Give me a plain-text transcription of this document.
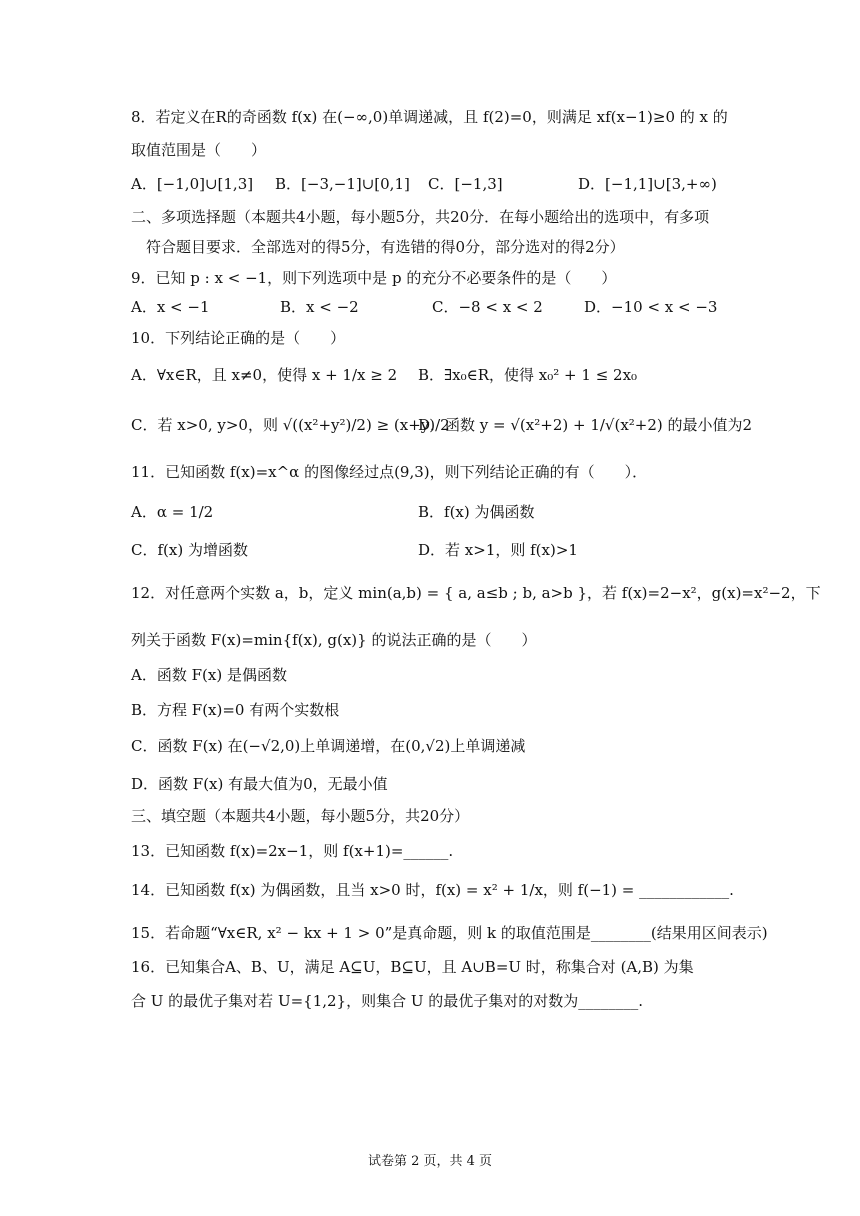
8．若定义在R的奇函数 f(x) 在(−∞,0)单调递减，且 f(2)=0，则满足 xf(x−1)≥0 的 x 的
取值范围是（　　）
A．[−1,0]∪[1,3] B．[−3,−1]∪[0,1] C．[−1,3]	D．[−1,1]∪[3,+∞)
二、多项选择题（本题共4小题，每小题5分，共20分．在每小题给出的选项中，有多项
符合题目要求．全部选对的得5分，有选错的得0分，部分选对的得2分）
9．已知 p : x < −1，则下列选项中是 p 的充分不必要条件的是（　　）
A．x < −1	B．x < −2	C．−8 < x < 2	D．−10 < x < −3
10．下列结论正确的是（　　）
A．∀x∈R，且 x≠0，使得 x + 1/x ≥ 2 B．∃x₀∈R，使得 x₀² + 1 ≤ 2x₀
C．若 x>0, y>0，则 √((x²+y²)/2) ≥ (x+y)/2
D．函数 y = √(x²+2) + 1/√(x²+2) 的最小值为2
11．已知函数 f(x)=x^α 的图像经过点(9,3)，则下列结论正确的有（　　）．
A．α = 1/2	B．f(x) 为偶函数
C．f(x) 为增函数	D．若 x>1，则 f(x)>1
12．对任意两个实数 a，b，定义 min(a,b) = { a, a≤b ; b, a>b }，若 f(x)=2−x²，g(x)=x²−2，下
列关于函数 F(x)=min{f(x), g(x)} 的说法正确的是（　　）
A．函数 F(x) 是偶函数
B．方程 F(x)=0 有两个实数根
C．函数 F(x) 在(−√2,0)上单调递增，在(0,√2)上单调递减
D．函数 F(x) 有最大值为0，无最小值
三、填空题（本题共4小题，每小题5分，共20分）
13．已知函数 f(x)=2x−1，则 f(x+1)=______.
14．已知函数 f(x) 为偶函数，且当 x>0 时，f(x) = x² + 1/x，则 f(−1) = ____________.
15．若命题“∀x∈R, x² − kx + 1 > 0”是真命题，则 k 的取值范围是________(结果用区间表示)
16．已知集合A、B、U，满足 A⊆U，B⊆U，且 A∪B=U 时，称集合对 (A,B) 为集
合 U 的最优子集对若 U={1,2}，则集合 U 的最优子集对的对数为________.
试卷第 2 页，共 4 页
